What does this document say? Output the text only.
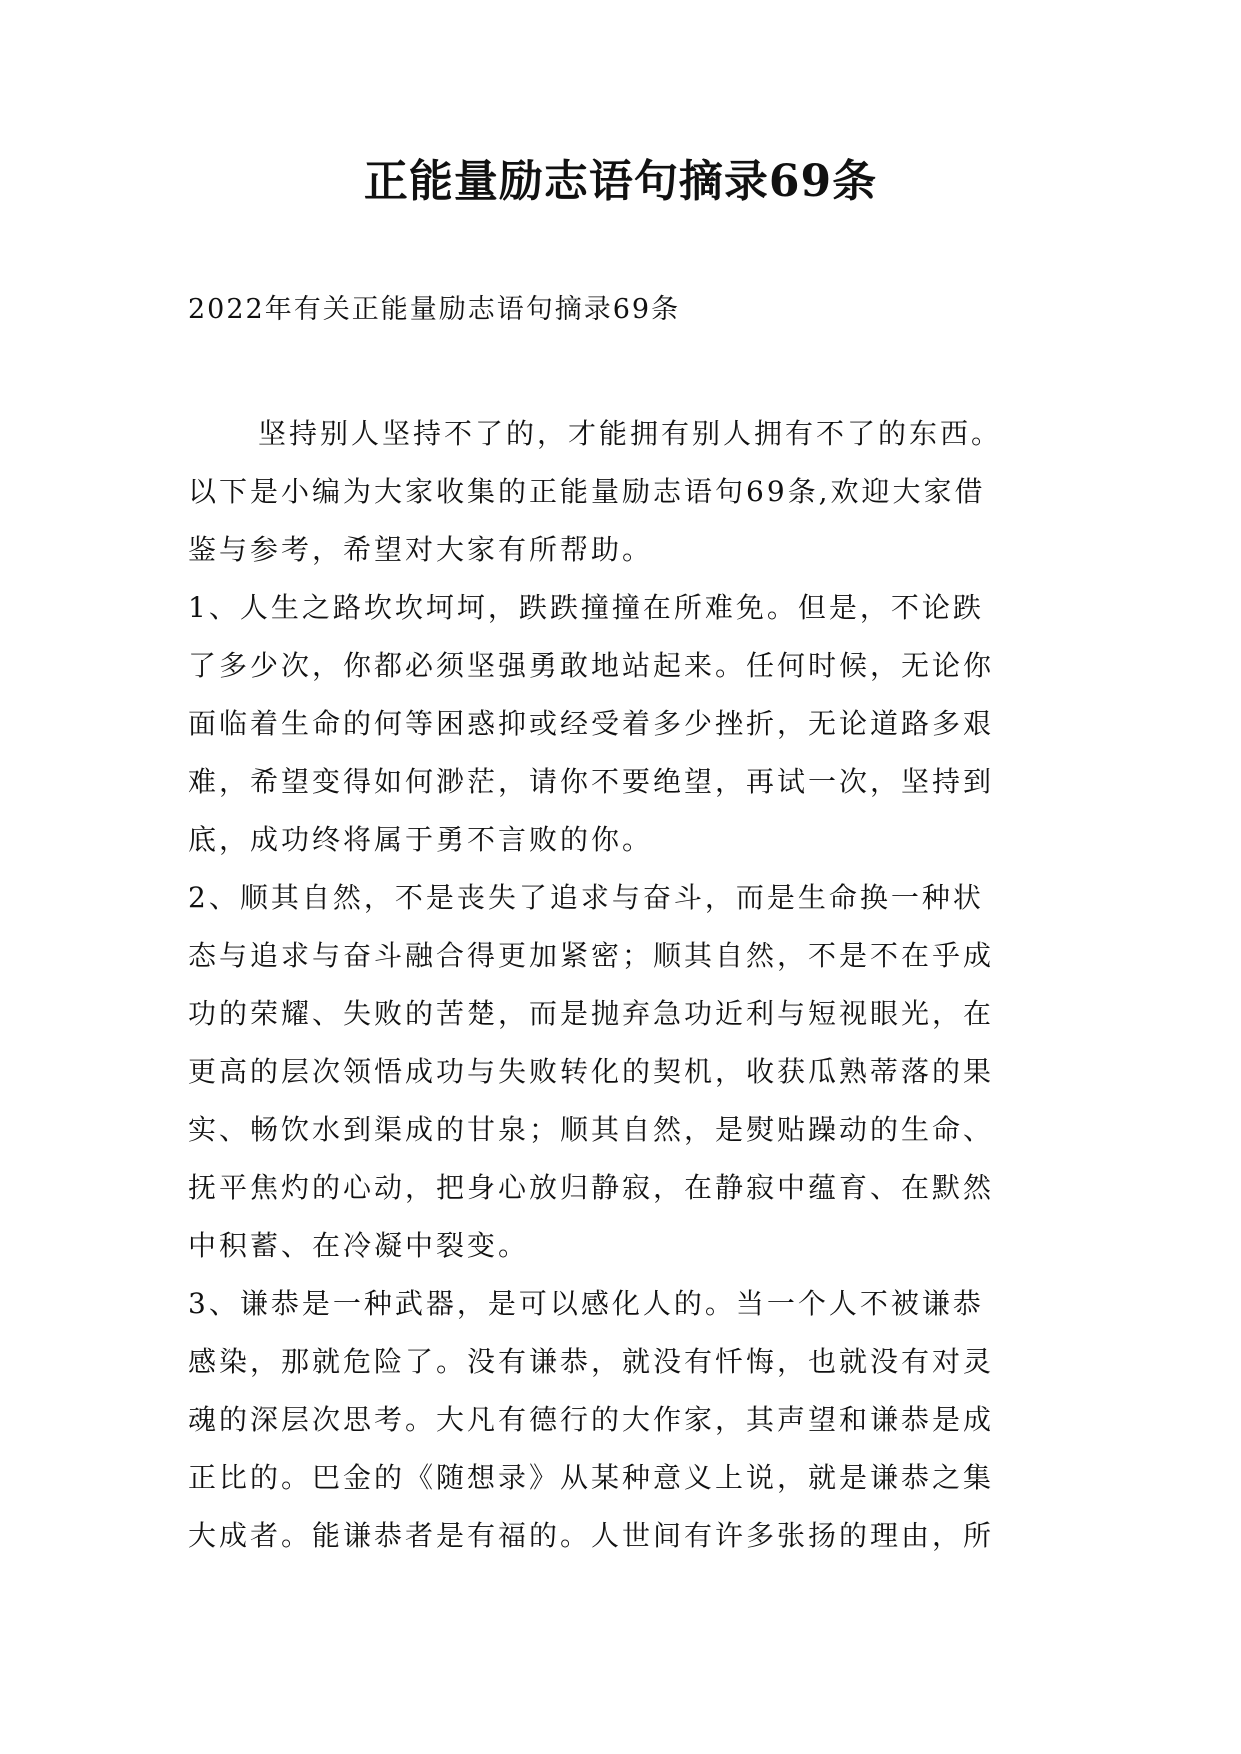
正能量励志语句摘录69条

2022年有关正能量励志语句摘录69条

坚持别人坚持不了的，才能拥有别人拥有不了的东西。
以下是小编为大家收集的正能量励志语句69条,欢迎大家借
鉴与参考，希望对大家有所帮助。
1、人生之路坎坎坷坷，跌跌撞撞在所难免。但是，不论跌
了多少次，你都必须坚强勇敢地站起来。任何时候，无论你
面临着生命的何等困惑抑或经受着多少挫折，无论道路多艰
难，希望变得如何渺茫，请你不要绝望，再试一次，坚持到
底，成功终将属于勇不言败的你。
2、顺其自然，不是丧失了追求与奋斗，而是生命换一种状
态与追求与奋斗融合得更加紧密；顺其自然，不是不在乎成
功的荣耀、失败的苦楚，而是抛弃急功近利与短视眼光，在
更高的层次领悟成功与失败转化的契机，收获瓜熟蒂落的果
实、畅饮水到渠成的甘泉；顺其自然，是熨贴躁动的生命、
抚平焦灼的心动，把身心放归静寂，在静寂中蕴育、在默然
中积蓄、在冷凝中裂变。
3、谦恭是一种武器，是可以感化人的。当一个人不被谦恭
感染，那就危险了。没有谦恭，就没有忏悔，也就没有对灵
魂的深层次思考。大凡有德行的大作家，其声望和谦恭是成
正比的。巴金的《随想录》从某种意义上说，就是谦恭之集
大成者。能谦恭者是有福的。人世间有许多张扬的理由，所
